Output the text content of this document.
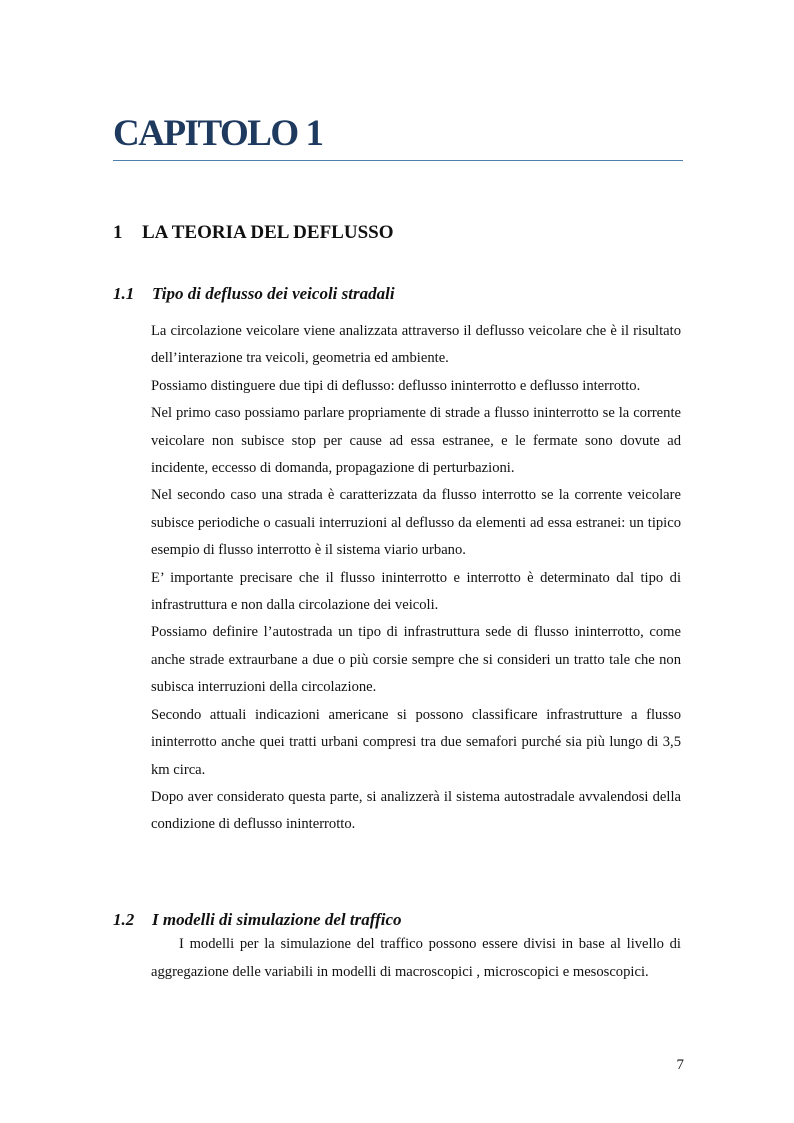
CAPITOLO 1
1 LA TEORIA DEL DEFLUSSO
1.1 Tipo di deflusso dei veicoli stradali

La circolazione veicolare viene analizzata attraverso il deflusso veicolare che è il risultato dell’interazione tra veicoli, geometria ed ambiente.

Possiamo distinguere due tipi di deflusso: deflusso ininterrotto e deflusso interrotto.

Nel primo caso possiamo parlare propriamente di strade a flusso ininterrotto se la corrente veicolare non subisce stop per cause ad essa estranee, e le fermate sono dovute ad incidente, eccesso di domanda, propagazione di perturbazioni.

Nel secondo caso una strada è caratterizzata da flusso interrotto se la corrente veicolare subisce periodiche o casuali interruzioni al deflusso da elementi ad essa estranei: un tipico esempio di flusso interrotto è il sistema viario urbano.

E’ importante precisare che il flusso ininterrotto e interrotto è determinato dal tipo di infrastruttura e non dalla circolazione dei veicoli.

Possiamo definire l’autostrada un tipo di infrastruttura sede di flusso ininterrotto, come anche strade extraurbane a due o più corsie sempre che si consideri un tratto tale che non subisca interruzioni della circolazione.

Secondo attuali indicazioni americane si possono classificare infrastrutture a flusso ininterrotto anche quei tratti urbani compresi tra due semafori purché sia più lungo di 3,5 km circa.

Dopo aver considerato questa parte, si analizzerà il sistema autostradale avvalendosi della condizione di deflusso ininterrotto.

1.2 I modelli di simulazione del traffico

I modelli per la simulazione del traffico possono essere divisi in base al livello di aggregazione delle variabili in modelli di macroscopici , microscopici e mesoscopici.

7
